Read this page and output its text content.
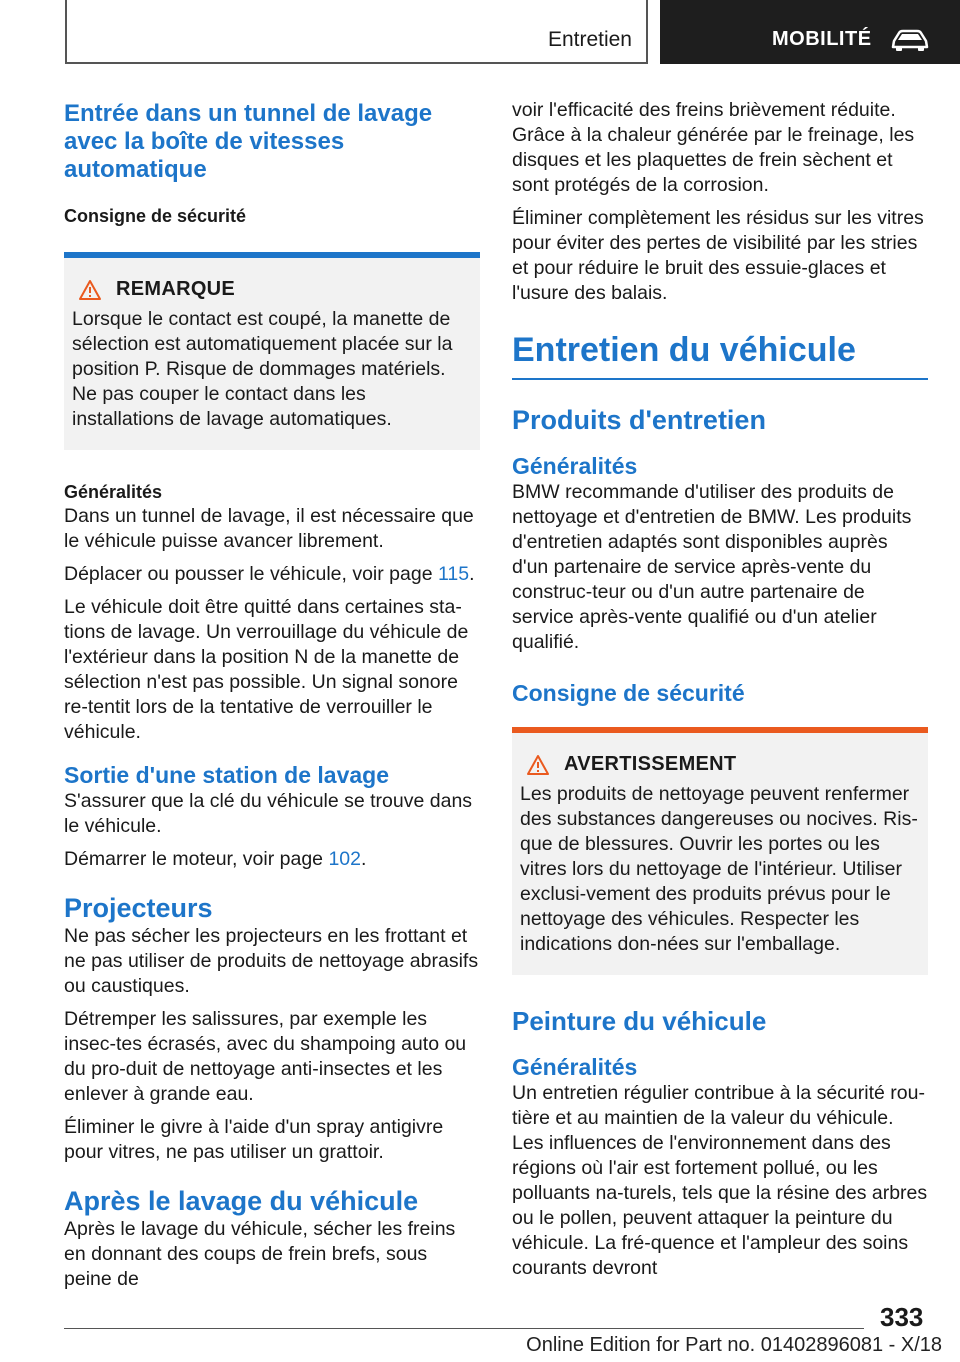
Entretien	MOBILITÉ
Entrée dans un tunnel de lavage avec la boîte de vitesses automatique
Consigne de sécurité
REMARQUE

Lorsque le contact est coupé, la manette de sélection est automatiquement placée sur la position P. Risque de dommages matériels. Ne pas couper le contact dans les installations de lavage automatiques.

Généralités

Dans un tunnel de lavage, il est nécessaire que le véhicule puisse avancer librement.

Déplacer ou pousser le véhicule, voir page 115.

Le véhicule doit être quitté dans certaines sta-tions de lavage. Un verrouillage du véhicule de l'extérieur dans la position N de la manette de sélection n'est pas possible. Un signal sonore re-tentit lors de la tentative de verrouiller le véhicule.

Sortie d'une station de lavage

S'assurer que la clé du véhicule se trouve dans le véhicule.

Démarrer le moteur, voir page 102.

Projecteurs

Ne pas sécher les projecteurs en les frottant et ne pas utiliser de produits de nettoyage abrasifs ou caustiques.

Détremper les salissures, par exemple les insec-tes écrasés, avec du shampoing auto ou du pro-duit de nettoyage anti-insectes et les enlever à grande eau.

Éliminer le givre à l'aide d'un spray antigivre pour vitres, ne pas utiliser un grattoir.

Après le lavage du véhicule

Après le lavage du véhicule, sécher les freins en donnant des coups de frein brefs, sous peine de

voir l'efficacité des freins brièvement réduite. Grâce à la chaleur générée par le freinage, les disques et les plaquettes de frein sèchent et sont protégés de la corrosion.

Éliminer complètement les résidus sur les vitres pour éviter des pertes de visibilité par les stries et pour réduire le bruit des essuie-glaces et l'usure des balais.

Entretien du véhicule
Produits d'entretien
Généralités

BMW recommande d'utiliser des produits de nettoyage et d'entretien de BMW. Les produits d'entretien adaptés sont disponibles auprès d'un partenaire de service après-vente du construc-teur ou d'un autre partenaire de service après-vente qualifié ou d'un atelier qualifié.

Consigne de sécurité
AVERTISSEMENT

Les produits de nettoyage peuvent renfermer des substances dangereuses ou nocives. Ris-que de blessures. Ouvrir les portes ou les vitres lors du nettoyage de l'intérieur. Utiliser exclusi-vement des produits prévus pour le nettoyage des véhicules. Respecter les indications don-nées sur l'emballage.

Peinture du véhicule
Généralités

Un entretien régulier contribue à la sécurité rou-tière et au maintien de la valeur du véhicule. Les influences de l'environnement dans des régions où l'air est fortement pollué, ou les polluants na-turels, tels que la résine des arbres ou le pollen, peuvent attaquer la peinture du véhicule. La fré-quence et l'ampleur des soins courants devront

333
Online Edition for Part no. 01402896081 - X/18
